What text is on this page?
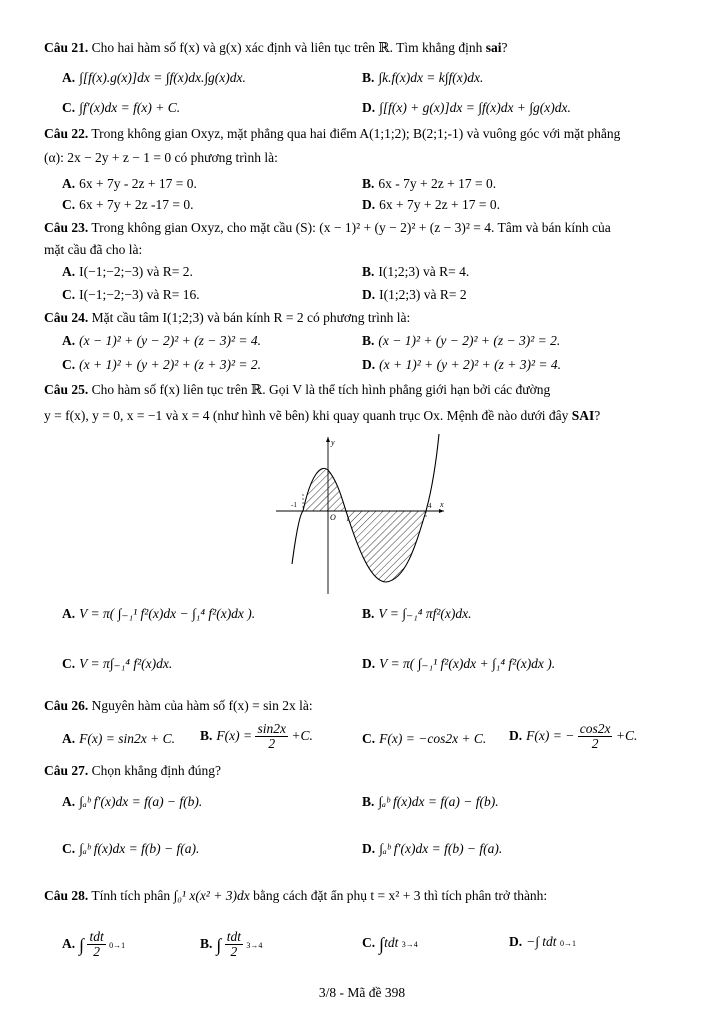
Câu 21. Cho hai hàm số f(x) và g(x) xác định và liên tục trên ℝ. Tìm khẳng định sai?
A. ∫[f(x).g(x)]dx = ∫f(x)dx.∫g(x)dx.	B. ∫k.f(x)dx = k∫f(x)dx.
C. ∫f′(x)dx = f(x) + C.	D. ∫[f(x) + g(x)]dx = ∫f(x)dx + ∫g(x)dx.
Câu 22. Trong không gian Oxyz, mặt phẳng qua hai điểm A(1;1;2); B(2;1;-1) và vuông góc với mặt phẳng
(α): 2x − 2y + z − 1 = 0 có phương trình là:
A. 6x + 7y - 2z + 17 = 0.	B. 6x - 7y + 2z + 17 = 0.
C. 6x + 7y + 2z -17 = 0.	D. 6x + 7y + 2z + 17 = 0.
Câu 23. Trong không gian Oxyz, cho mặt cầu (S): (x − 1)² + (y − 2)² + (z − 3)² = 4. Tâm và bán kính của
mặt cầu đã cho là:
A. I(−1;−2;−3) và R= 2.	B. I(1;2;3) và R= 4.
C. I(−1;−2;−3) và R= 16.	D. I(1;2;3) và R= 2
Câu 24. Mặt cầu tâm I(1;2;3) và bán kính R = 2 có phương trình là:
A. (x − 1)² + (y − 2)² + (z − 3)² = 4.	B. (x − 1)² + (y − 2)² + (z − 3)² = 2.
C. (x + 1)² + (y + 2)² + (z + 3)² = 2.	D. (x + 1)² + (y + 2)² + (z + 3)² = 4.
Câu 25. Cho hàm số f(x) liên tục trên ℝ. Gọi V là thể tích hình phẳng giới hạn bởi các đường
y = f(x), y = 0, x = −1 và x = 4 (như hình vẽ bên) khi quay quanh trục Ox. Mệnh đề nào dưới đây SAI?
y
x
O
-1
1
4
A. V = π( ∫₋₁¹ f²(x)dx − ∫₁⁴ f²(x)dx ).	B. V = ∫₋₁⁴ πf²(x)dx.
C. V = π∫₋₁⁴ f²(x)dx.	D. V = π( ∫₋₁¹ f²(x)dx + ∫₁⁴ f²(x)dx ).
Câu 26. Nguyên hàm của hàm số f(x) = sin 2x là:
A. F(x) = sin2x + C. B. $F(x) = \frac{\sin 2x}{2} +C$.	C. F(x) = −cos2x + C. D. F(x) = − $\frac{\cos 2x}{2} +C$.
Câu 27. Chọn khẳng định đúng?
A. ∫ₐᵇ f′(x)dx = f(a) − f(b).	B. ∫ₐᵇ f(x)dx = f(a) − f(b).
C. ∫ₐᵇ f(x)dx = f(b) − f(a).	D. ∫ₐᵇ f′(x)dx = f(b) − f(a).
Câu 28. Tính tích phân ∫₀¹ x(x² + 3)dx bằng cách đặt ẩn phụ t = x² + 3 thì tích phân trở thành:
A. ∫ $\frac{\text{tdt}}{2} 0\to 1$	B. ∫ $\frac{\text{tdt}}{2} 3\to 4$	C. ∫tdt 3→4	D. −∫ tdt 0→1
3/8 - Mã đề 398
